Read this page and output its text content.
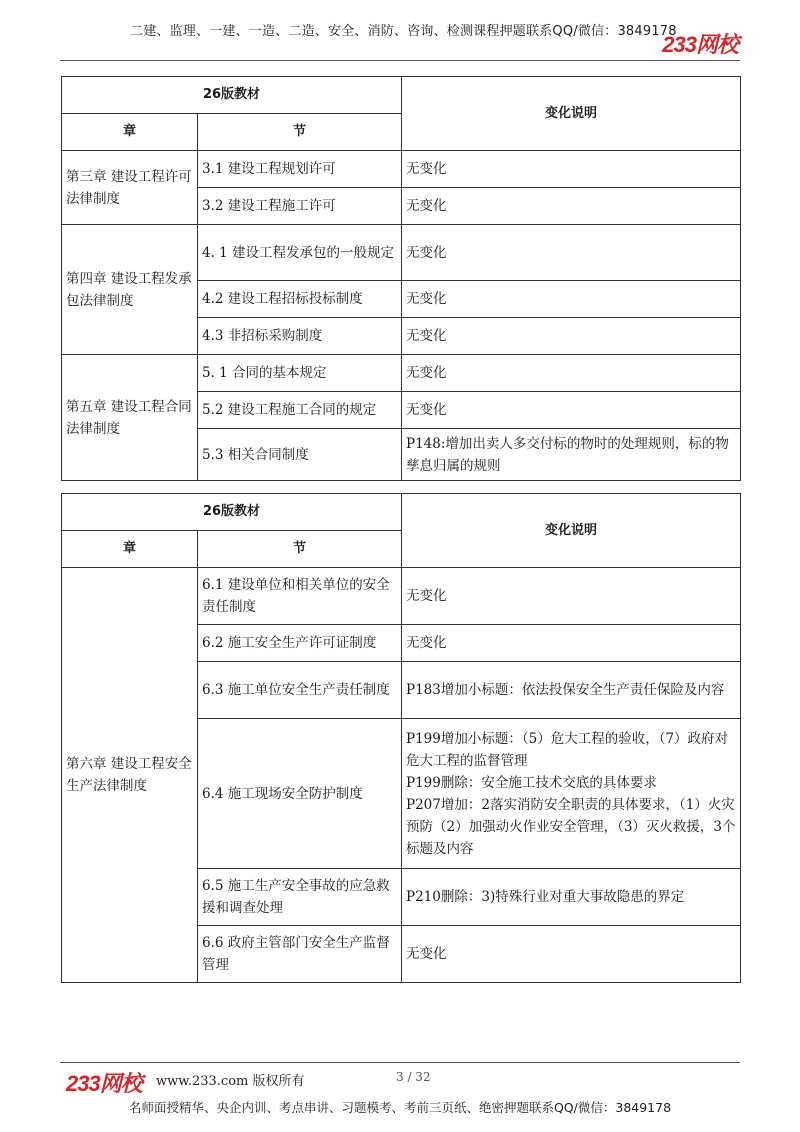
二建、监理、一建、一造、二造、安全、消防、咨询、检测课程押题联系QQ/微信：3849178
233网校
26版教材		变化说明
章	节	
第三章 建设工程许可法律制度	3.1 建设工程规划许可	无变化
	3.2 建设工程施工许可	无变化
第四章 建设工程发承包法律制度	4. 1 建设工程发承包的一般规定	无变化
	4.2 建设工程招标投标制度	无变化
	4.3 非招标采购制度	无变化
第五章 建设工程合同法律制度	5. 1 合同的基本规定	无变化
	5.2 建设工程施工合同的规定	无变化
	5.3 相关合同制度	P148:增加出卖人多交付标的物时的处理规则，标的物孳息归属的规则
26版教材		变化说明
章	节	
第六章 建设工程安全生产法律制度	6.1 建设单位和相关单位的安全责任制度	无变化

	6.2 施工安全生产许可证制度	无变化

	6.3 施工单位安全生产责任制度	P183增加小标题：依法投保安全生产责任保险及内容

	6.4 施工现场安全防护制度	P199增加小标题：（5）危大工程的验收，（7）政府对危大工程的监督管理
P199删除：安全施工技术交底的具体要求
P207增加：2落实消防安全职责的具体要求，（1）火灾预防（2）加强动火作业安全管理，（3）灭火救援，3个标题及内容

	6.5 施工生产安全事故的应急救援和调查处理	P210删除：3)特殊行业对重大事故隐患的界定

	6.6 政府主管部门安全生产监督管理	无变化
233网校 www.233.com 版权所有	3 / 32
名师面授精华、央企内训、考点串讲、习题模考、考前三页纸、绝密押题联系QQ/微信：3849178
